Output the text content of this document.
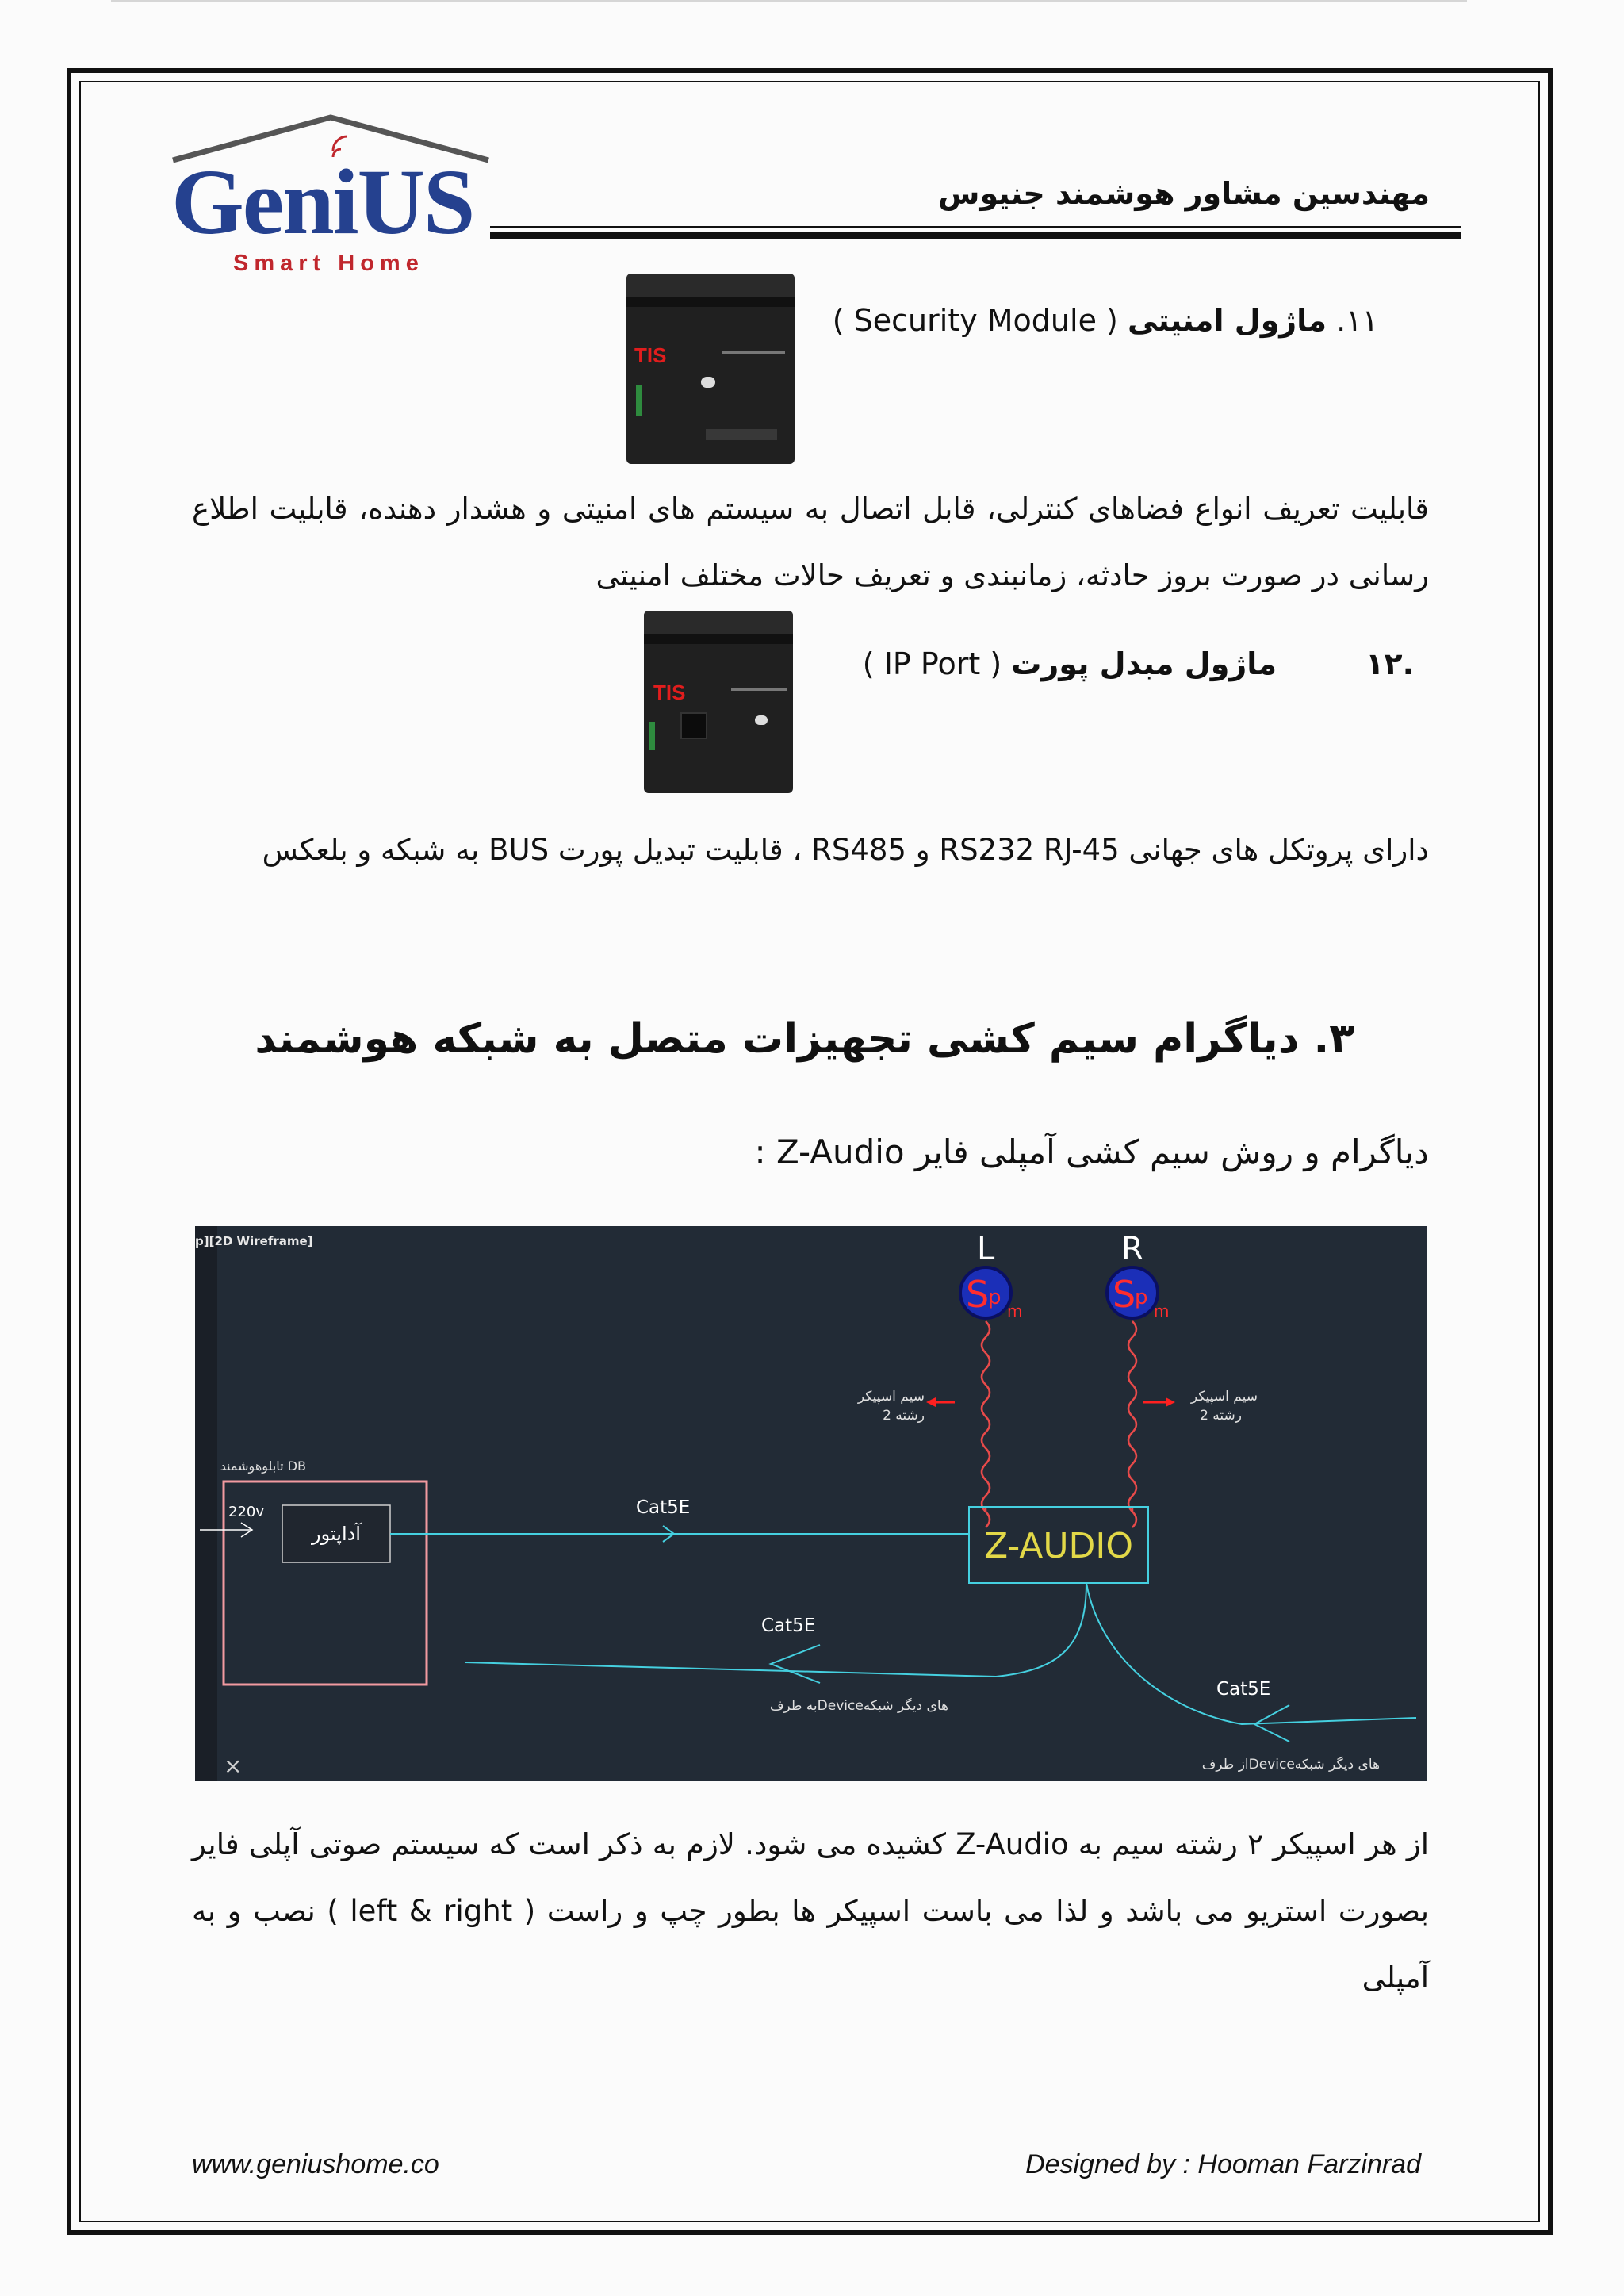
GeniUS
Smart Home
مهندسین مشاور هوشمند جنیوس
TIS
۱۱. ماژول امنیتی ( Security Module )
قابلیت تعریف انواع فضاهای کنترلی، قابل اتصال به سیستم های امنیتی و هشدار دهنده، قابلیت اطلاع رسانی در صورت بروز حادثه، زمانبندی و تعریف حالات مختلف امنیتی
TIS
.۱۲ ماژول مبدل پورت ( IP Port )
دارای پروتکل های جهانی RS232 RJ-45 و RS485 ، قابلیت تبدیل پورت BUS به شبکه و بلعکس
۳. دیاگرام سیم کشی تجهیزات متصل به شبکه هوشمند
دیاگرام و روش سیم کشی آمپلی فایر Z-Audio :
p][2D Wireframe]	L	R
S
p
m S
p
m
سیم اسپیکر
2 رشته
سیم اسپیکر
2 رشته
تابلوهوشمند DB
220v
آداپتور
Cat5E
Z-AUDIO
Cat5E
به طرفDeviceهای دیگر شبکه
Cat5E
از طرفDeviceهای دیگر شبکه
×
از هر اسپیکر ۲ رشته سیم به Z-Audio کشیده می شود. لازم به ذکر است که سیستم صوتی آپلی فایر بصورت استریو می باشد و لذا می باست اسپیکر ها بطور چپ و راست ( left & right ) نصب و به آمپلی
www.geniushome.co	Designed by : Hooman Farzinrad
